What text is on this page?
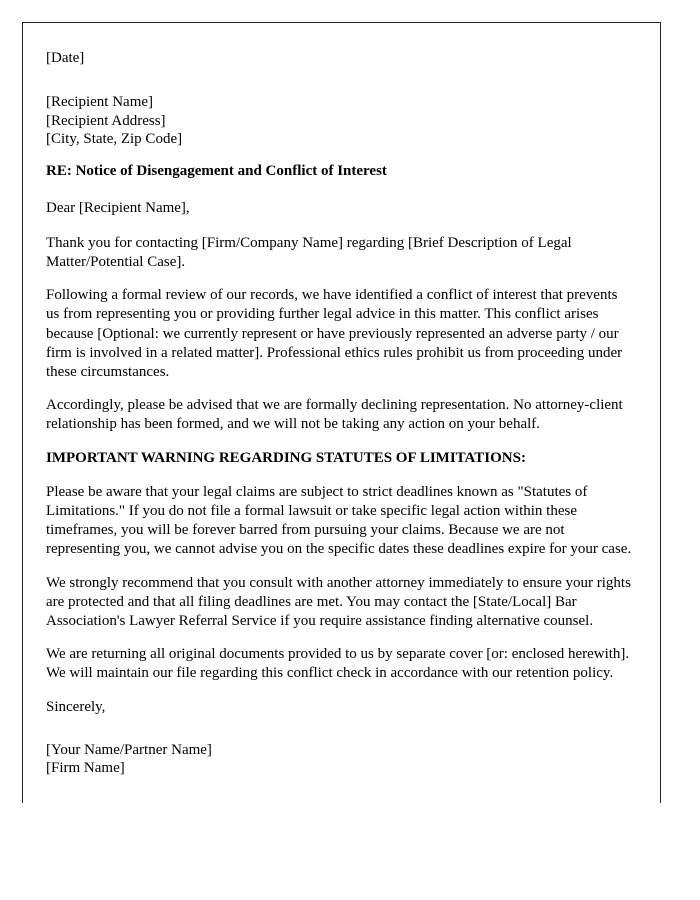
[Date]

[Recipient Name]

[Recipient Address]

[City, State, Zip Code]

RE: Notice of Disengagement and Conflict of Interest

Dear [Recipient Name],

Thank you for contacting [Firm/Company Name] regarding [Brief Description of Legal Matter/Potential Case].

Following a formal review of our records, we have identified a conflict of interest that prevents us from representing you or providing further legal advice in this matter. This conflict arises because [Optional: we currently represent or have previously represented an adverse party / our firm is involved in a related matter]. Professional ethics rules prohibit us from proceeding under these circumstances.

Accordingly, please be advised that we are formally declining representation. No attorney-client relationship has been formed, and we will not be taking any action on your behalf.

IMPORTANT WARNING REGARDING STATUTES OF LIMITATIONS:

Please be aware that your legal claims are subject to strict deadlines known as "Statutes of Limitations." If you do not file a formal lawsuit or take specific legal action within these timeframes, you will be forever barred from pursuing your claims. Because we are not representing you, we cannot advise you on the specific dates these deadlines expire for your case.

We strongly recommend that you consult with another attorney immediately to ensure your rights are protected and that all filing deadlines are met. You may contact the [State/Local] Bar Association's Lawyer Referral Service if you require assistance finding alternative counsel.

We are returning all original documents provided to us by separate cover [or: enclosed herewith]. We will maintain our file regarding this conflict check in accordance with our retention policy.

Sincerely,

[Your Name/Partner Name]

[Firm Name]
